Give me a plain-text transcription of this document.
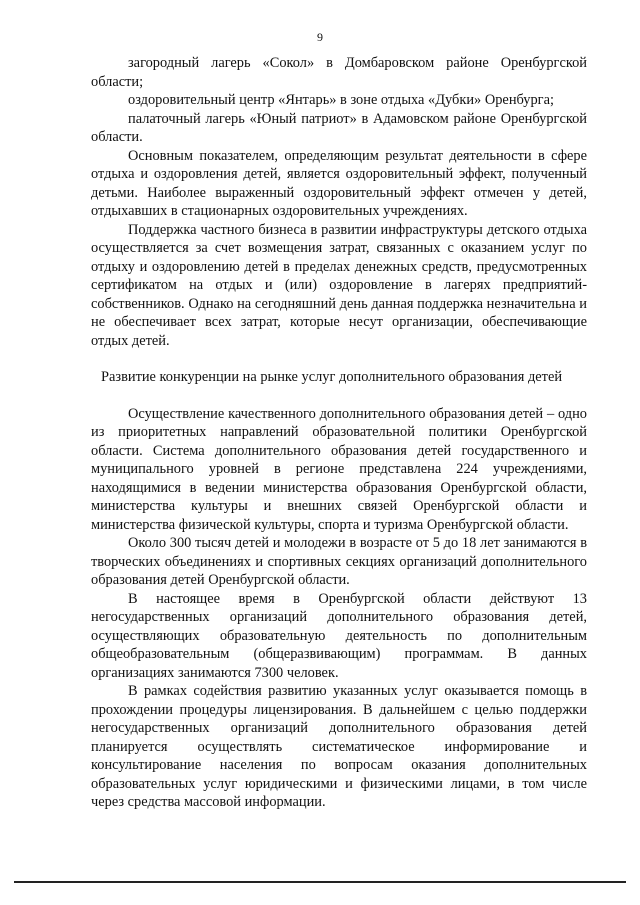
9

загородный лагерь «Сокол» в Домбаровском районе Оренбургской области;

оздоровительный центр «Янтарь» в зоне отдыха «Дубки» Оренбурга;

палаточный лагерь «Юный патриот» в Адамовском районе Оренбургской области.

Основным показателем, определяющим результат деятельности в сфере отдыха и оздоровления детей, является оздоровительный эффект, полученный детьми. Наиболее выраженный оздоровительный эффект отмечен у детей, отдыхавших в стационарных оздоровительных учреждениях.

Поддержка частного бизнеса в развитии инфраструктуры детского отдыха осуществляется за счет возмещения затрат, связанных с оказанием услуг по отдыху и оздоровлению детей в пределах денежных средств, предусмотренных сертификатом на отдых и (или) оздоровление в лагерях предприятий-собственников. Однако на сегодняшний день данная поддержка незначительна и не обеспечивает всех затрат, которые несут организации, обеспечивающие отдых детей.

Развитие конкуренции на рынке услуг дополнительного образования детей

Осуществление качественного дополнительного образования детей – одно из приоритетных направлений образовательной политики Оренбургской области. Система дополнительного образования детей государственного и муниципального уровней в регионе представлена 224 учреждениями, находящимися в ведении министерства образования Оренбургской области, министерства культуры и внешних связей Оренбургской области и министерства физической культуры, спорта и туризма Оренбургской области.

Около 300 тысяч детей и молодежи в возрасте от 5 до 18 лет занимаются в творческих объединениях и спортивных секциях организаций дополнительного образования детей Оренбургской области.

В настоящее время в Оренбургской области действуют 13 негосударственных организаций дополнительного образования детей, осуществляющих образовательную деятельность по дополнительным общеобразовательным (общеразвивающим) программам. В данных организациях занимаются 7300 человек.

В рамках содействия развитию указанных услуг оказывается помощь в прохождении процедуры лицензирования. В дальнейшем с целью поддержки негосударственных организаций дополнительного образования детей планируется осуществлять систематическое информирование и консультирование населения по вопросам оказания дополнительных образовательных услуг юридическими и физическими лицами, в том числе через средства массовой информации.
